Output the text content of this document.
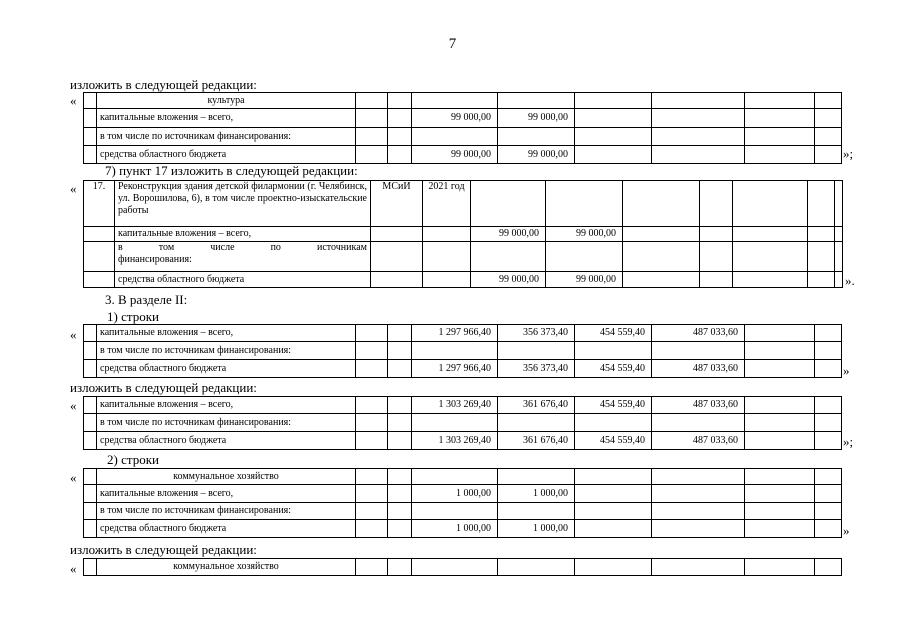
7
изложить в следующей редакции:
«
		культура									
	капитальные вложения – всего,			99 000,00	99 000,00					
	в том числе по источникам финансирования:									
	средства областного бюджета			99 000,00	99 000,00						»;
7) пункт 17 изложить в следующей редакции:
« 17.	Реконструкция здания детской филармонии (г. Челябинск, ул. Ворошилова, 6), в том числе проектно-изыскательские работы	МСиИ	2021 год							
	капитальные вложения – всего,			99 000,00	99 000,00					

	в том числе по источникам
финансирования:									

	средства областного бюджета			99 000,00	99 000,00						».
3. В разделе II:
1) строки
«
	капитальные вложения – всего,			1 297 966,40	356 373,40	454 559,40	487 033,60			
	в том числе по источникам финансирования:									
	средства областного бюджета			1 297 966,40	356 373,40	454 559,40	487 033,60				»
изложить в следующей редакции:
«
	капитальные вложения – всего,			1 303 269,40	361 676,40	454 559,40	487 033,60			
	в том числе по источникам финансирования:									
	средства областного бюджета			1 303 269,40	361 676,40	454 559,40	487 033,60				»;
2) строки
«
		коммунальное хозяйство									
	капитальные вложения – всего,			1 000,00	1 000,00					
	в том числе по источникам финансирования:									
	средства областного бюджета			1 000,00	1 000,00						»
изложить в следующей редакции:
«
		коммунальное хозяйство									
